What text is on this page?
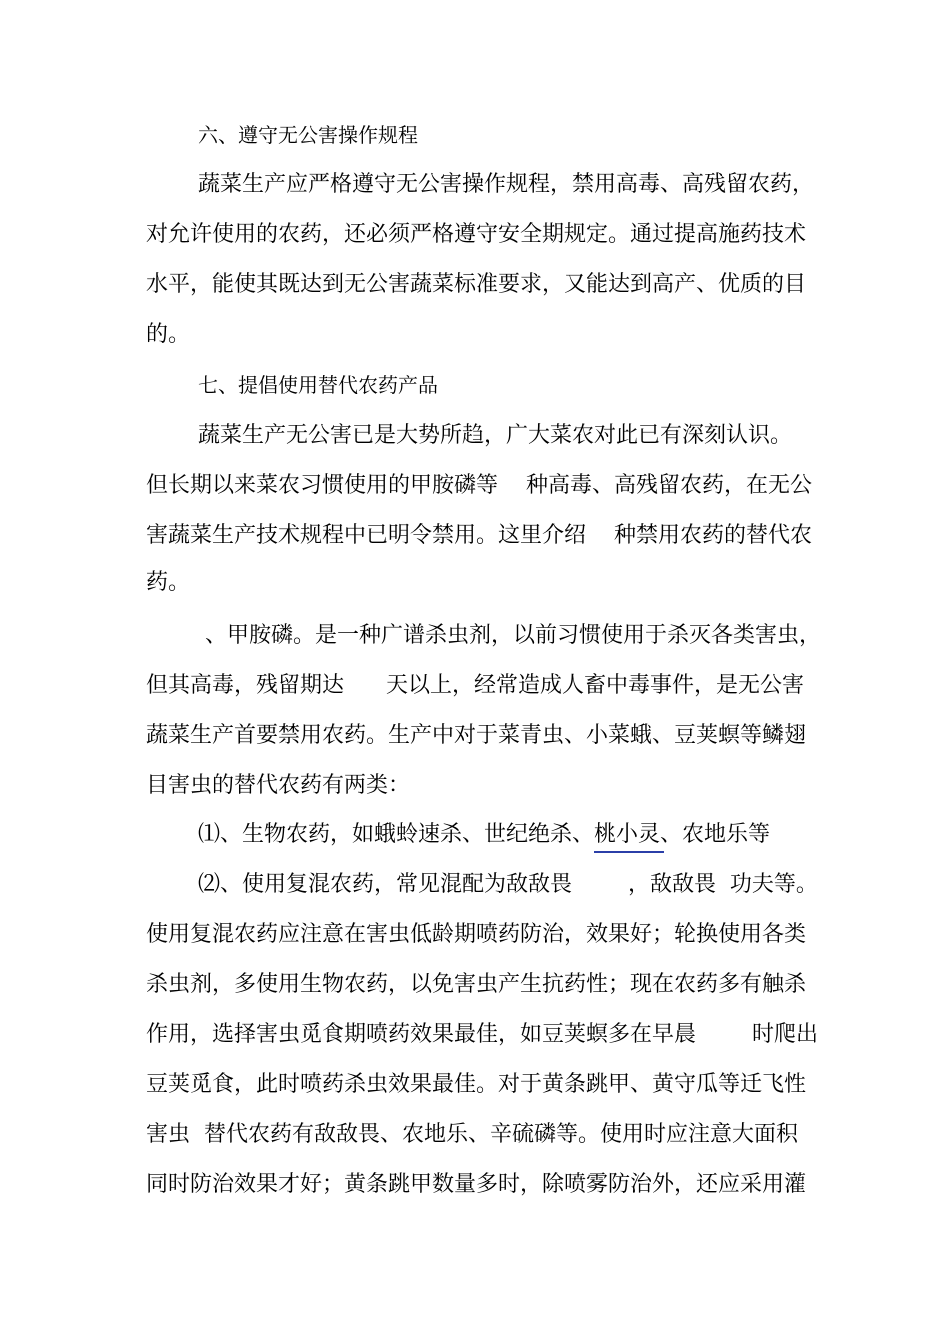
六、遵守无公害操作规程
蔬菜生产应严格遵守无公害操作规程，禁用高毒、高残留农药，
对允许使用的农药，还必须严格遵守安全期规定。通过提高施药技术
水平，能使其既达到无公害蔬菜标准要求，又能达到高产、优质的目
的。
七、提倡使用替代农药产品
蔬菜生产无公害已是大势所趋，广大菜农对此已有深刻认识。
但长期以来菜农习惯使用的甲胺磷等    种高毒、高残留农药，在无公
害蔬菜生产技术规程中已明令禁用。这里介绍    种禁用农药的替代农
药。
、甲胺磷。是一种广谱杀虫剂，以前习惯使用于杀灭各类害虫，
但其高毒，残留期达      天以上，经常造成人畜中毒事件，是无公害
蔬菜生产首要禁用农药。生产中对于菜青虫、小菜蛾、豆荚螟等鳞翅
目害虫的替代农药有两类：
⑴、生物农药，如蛾蛉速杀、世纪绝杀、桃小灵、农地乐等
⑵、使用复混农药，常见混配为敌敌畏        ，敌敌畏  功夫等。
使用复混农药应注意在害虫低龄期喷药防治，效果好；轮换使用各类
杀虫剂，多使用生物农药，以免害虫产生抗药性；现在农药多有触杀
作用，选择害虫觅食期喷药效果最佳，如豆荚螟多在早晨        时爬出
豆荚觅食，此时喷药杀虫效果最佳。对于黄条跳甲、黄守瓜等迁飞性
害虫  替代农药有敌敌畏、农地乐、辛硫磷等。使用时应注意大面积
同时防治效果才好；黄条跳甲数量多时，除喷雾防治外，还应采用灌
